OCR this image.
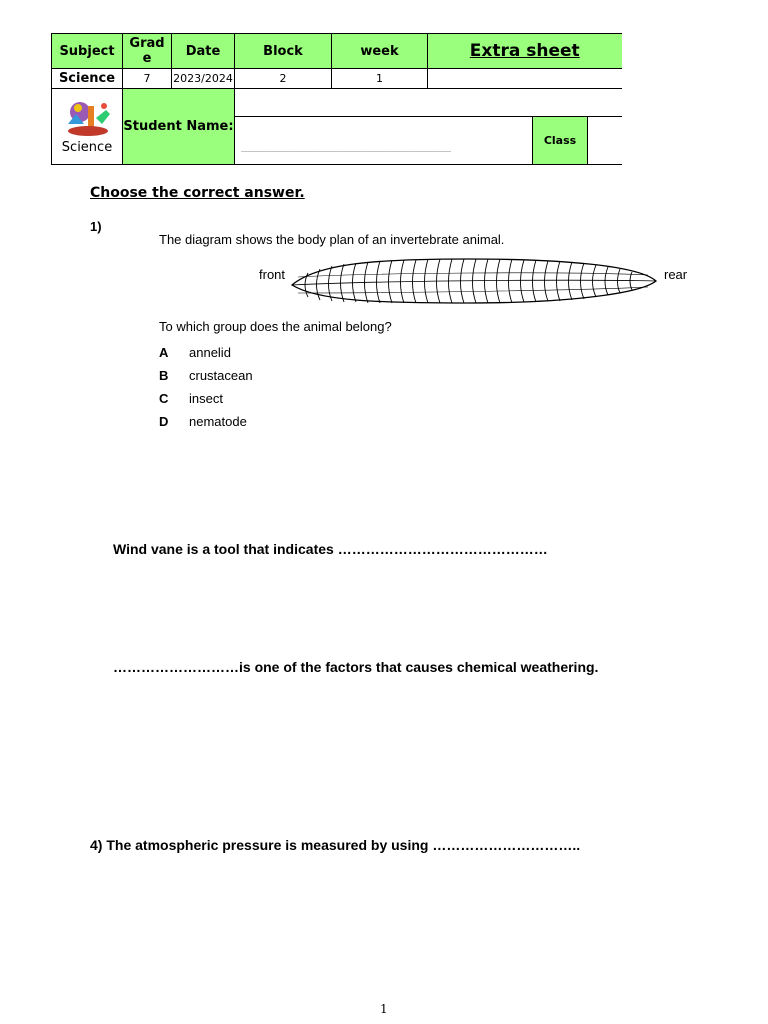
Subject	Grad e	Date	Block	week	Extra sheet		
Science	7	2023/2024	2	1			

Science	Student Name:						
			……………………………………………………………………………………………			Class	
Choose the correct answer.
1)
The diagram shows the body plan of an invertebrate animal.
front	rear
To which group does the animal belong?
A annelid
B crustacean
C insect
D nematode
Wind vane is a tool that indicates ………………………………………
………………………is one of the factors that causes chemical weathering.
4) The atmospheric pressure is measured by using …………………………..
1
